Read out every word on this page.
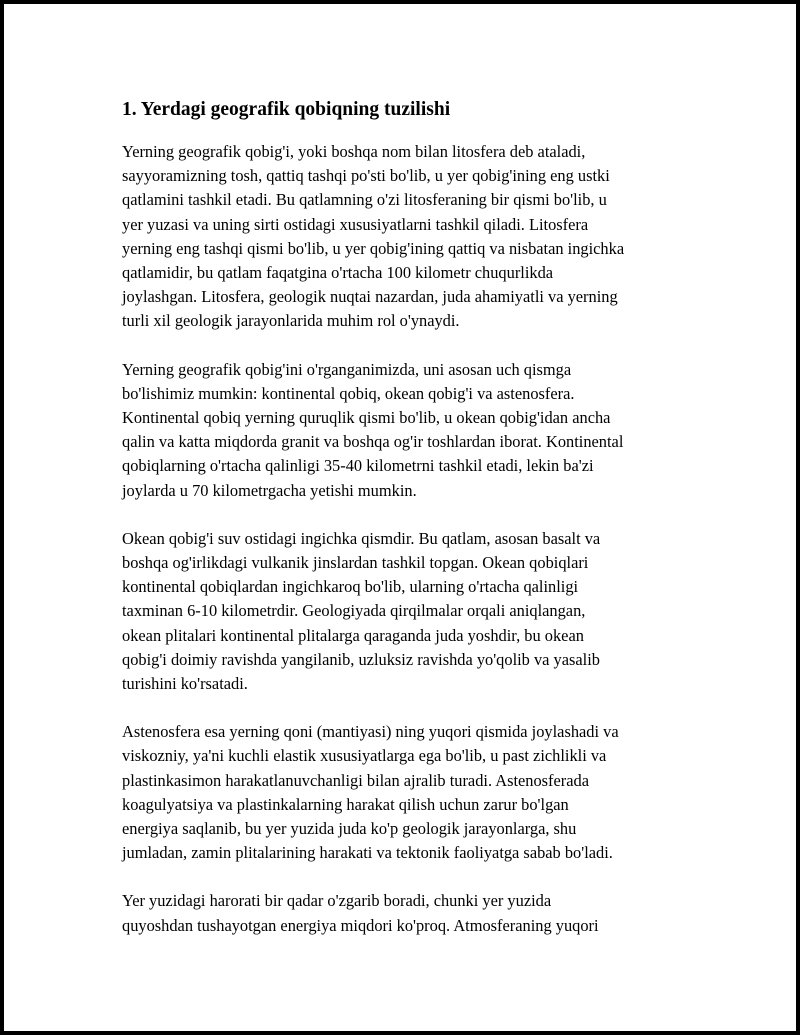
1. Yerdagi geografik qobiqning tuzilishi

Yerning geografik qobig'i, yoki boshqa nom bilan litosfera deb ataladi,
sayyoramizning tosh, qattiq tashqi po'sti bo'lib, u yer qobig'ining eng ustki
qatlamini tashkil etadi. Bu qatlamning o'zi litosferaning bir qismi bo'lib, u
yer yuzasi va uning sirti ostidagi xususiyatlarni tashkil qiladi. Litosfera
yerning eng tashqi qismi bo'lib, u yer qobig'ining qattiq va nisbatan ingichka
qatlamidir, bu qatlam faqatgina o'rtacha 100 kilometr chuqurlikda
joylashgan. Litosfera, geologik nuqtai nazardan, juda ahamiyatli va yerning
turli xil geologik jarayonlarida muhim rol o'ynaydi.

Yerning geografik qobig'ini o'rganganimizda, uni asosan uch qismga
bo'lishimiz mumkin: kontinental qobiq, okean qobig'i va astenosfera.
Kontinental qobiq yerning quruqlik qismi bo'lib, u okean qobig'idan ancha
qalin va katta miqdorda granit va boshqa og'ir toshlardan iborat. Kontinental
qobiqlarning o'rtacha qalinligi 35-40 kilometrni tashkil etadi, lekin ba'zi
joylarda u 70 kilometrgacha yetishi mumkin.

Okean qobig'i suv ostidagi ingichka qismdir. Bu qatlam, asosan basalt va
boshqa og'irlikdagi vulkanik jinslardan tashkil topgan. Okean qobiqlari
kontinental qobiqlardan ingichkaroq bo'lib, ularning o'rtacha qalinligi
taxminan 6-10 kilometrdir. Geologiyada qirqilmalar orqali aniqlangan,
okean plitalari kontinental plitalarga qaraganda juda yoshdir, bu okean
qobig'i doimiy ravishda yangilanib, uzluksiz ravishda yo'qolib va yasalib
turishini ko'rsatadi.

Astenosfera esa yerning qoni (mantiyasi) ning yuqori qismida joylashadi va
viskozniy, ya'ni kuchli elastik xususiyatlarga ega bo'lib, u past zichlikli va
plastinkasimon harakatlanuvchanligi bilan ajralib turadi. Astenosferada
koagulyatsiya va plastinkalarning harakat qilish uchun zarur bo'lgan
energiya saqlanib, bu yer yuzida juda ko'p geologik jarayonlarga, shu
jumladan, zamin plitalarining harakati va tektonik faoliyatga sabab bo'ladi.

Yer yuzidagi harorati bir qadar o'zgarib boradi, chunki yer yuzida
quyoshdan tushayotgan energiya miqdori ko'proq. Atmosferaning yuqori
